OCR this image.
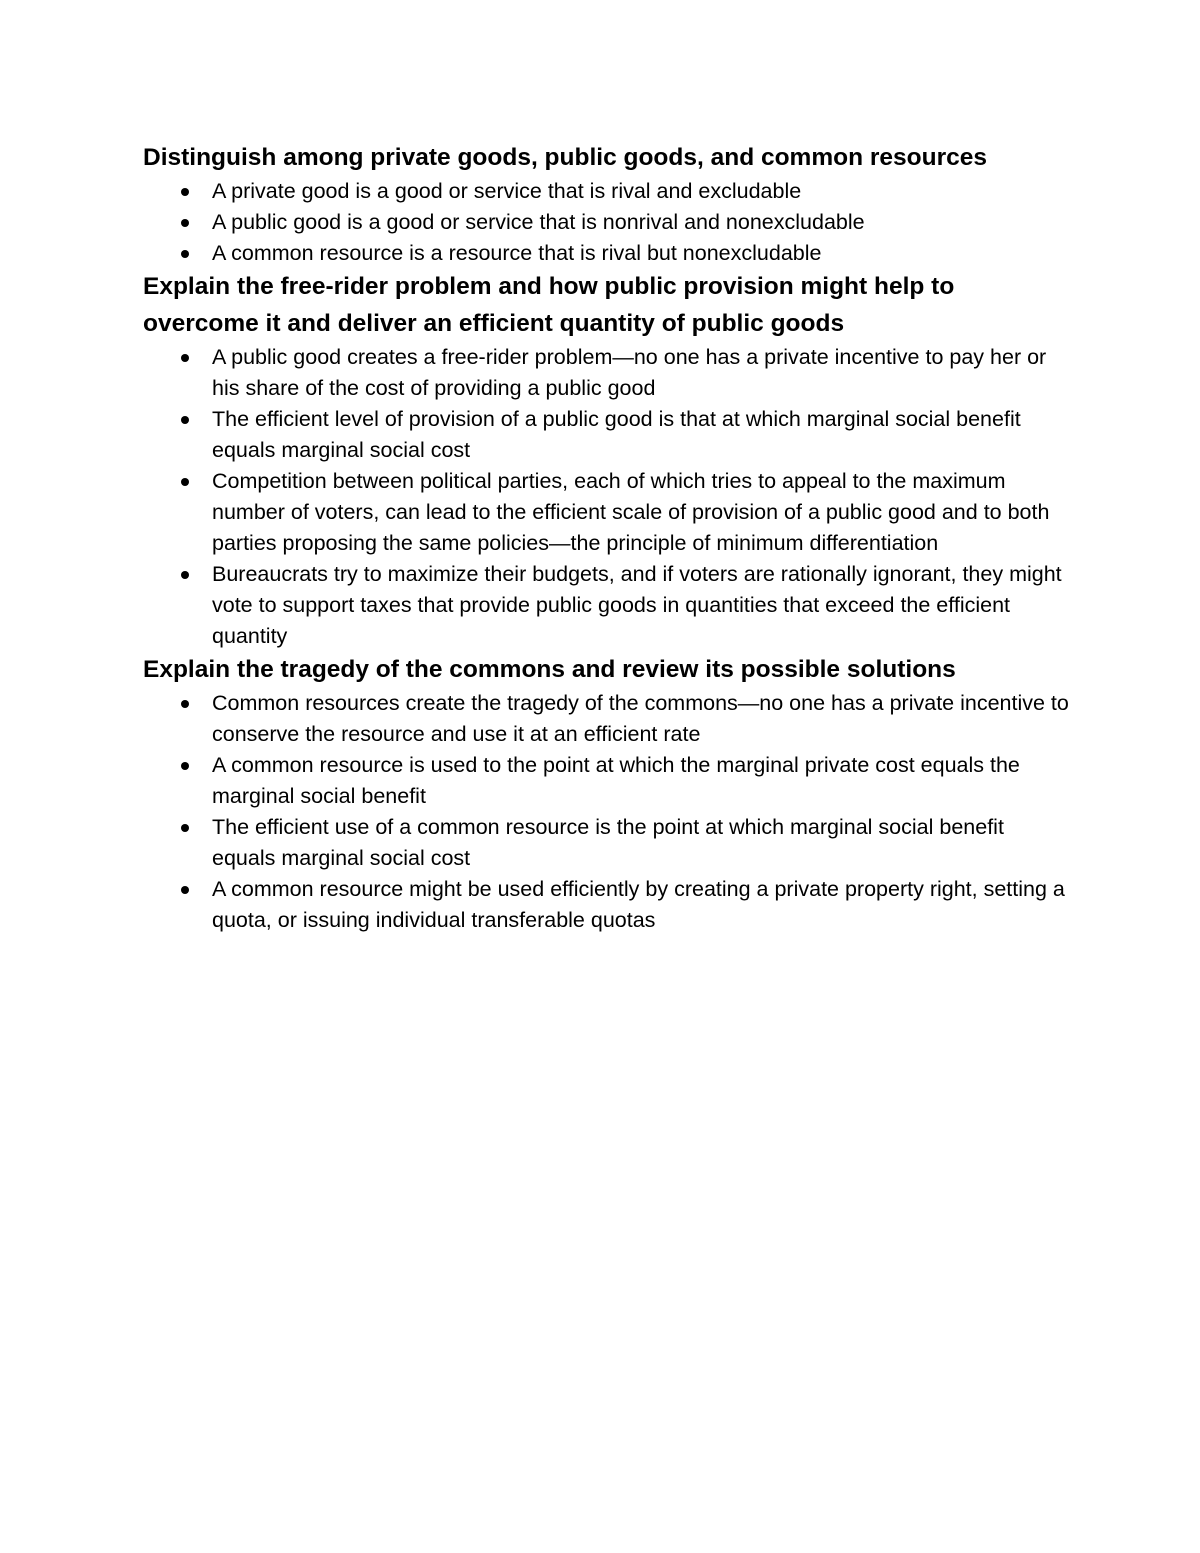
Distinguish among private goods, public goods, and common resources
A private good is a good or service that is rival and excludable
A public good is a good or service that is nonrival and nonexcludable
A common resource is a resource that is rival but nonexcludable
Explain the free-rider problem and how public provision might help to overcome it and deliver an efficient quantity of public goods
A public good creates a free-rider problem—no one has a private incentive to pay her or his share of the cost of providing a public good
The efficient level of provision of a public good is that at which marginal social benefit equals marginal social cost
Competition between political parties, each of which tries to appeal to the maximum number of voters, can lead to the efficient scale of provision of a public good and to both parties proposing the same policies—the principle of minimum differentiation
Bureaucrats try to maximize their budgets, and if voters are rationally ignorant, they might vote to support taxes that provide public goods in quantities that exceed the efficient quantity
Explain the tragedy of the commons and review its possible solutions
Common resources create the tragedy of the commons—no one has a private incentive to conserve the resource and use it at an efficient rate
A common resource is used to the point at which the marginal private cost equals the marginal social benefit
The efficient use of a common resource is the point at which marginal social benefit equals marginal social cost
A common resource might be used efficiently by creating a private property right, setting a quota, or issuing individual transferable quotas
